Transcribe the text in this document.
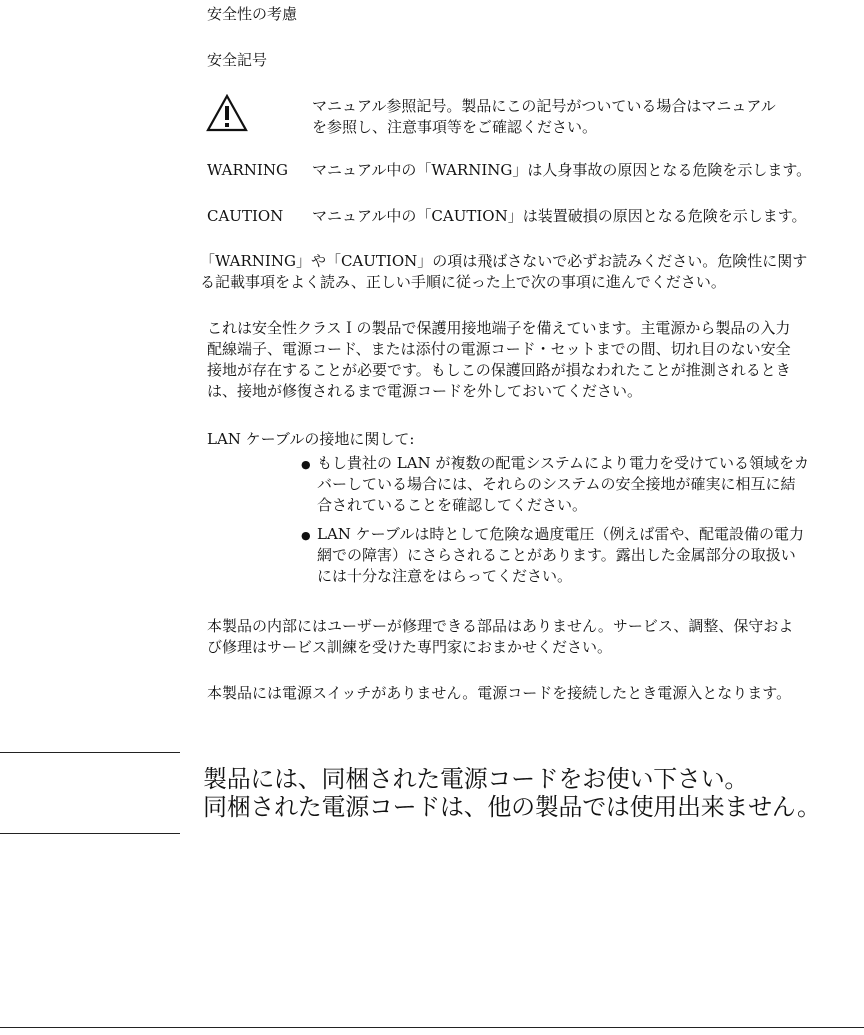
安全性の考慮
安全記号
マニュアル参照記号。製品にこの記号がついている場合はマニュアル
を参照し、注意事項等をご確認ください。
WARNING マニュアル中の「WARNING」は人身事故の原因となる危険を示します。
CAUTION マニュアル中の「CAUTION」は装置破損の原因となる危険を示します。
「WARNING」や「CAUTION」の項は飛ばさないで必ずお読みください。危険性に関す
る記載事項をよく読み、正しい手順に従った上で次の事項に進んでください。
これは安全性クラスＩの製品で保護用接地端子を備えています。主電源から製品の入力
配線端子、電源コード、または添付の電源コード・セットまでの間、切れ目のない安全
接地が存在することが必要です。もしこの保護回路が損なわれたことが推測されるとき
は、接地が修復されるまで電源コードを外しておいてください。
LAN ケーブルの接地に関して:
● もし貴社の LAN が複数の配電システムにより電力を受けている領域をカ
バーしている場合には、それらのシステムの安全接地が確実に相互に結
合されていることを確認してください。
● LAN ケーブルは時として危険な過度電圧（例えば雷や、配電設備の電力
網での障害）にさらされることがあります。露出した金属部分の取扱い
には十分な注意をはらってください。
本製品の内部にはユーザーが修理できる部品はありません。サービス、調整、保守およ
び修理はサービス訓練を受けた専門家におまかせください。
本製品には電源スイッチがありません。電源コードを接続したとき電源入となります。
製品には、同梱された電源コードをお使い下さい。
同梱された電源コードは、他の製品では使用出来ません。
